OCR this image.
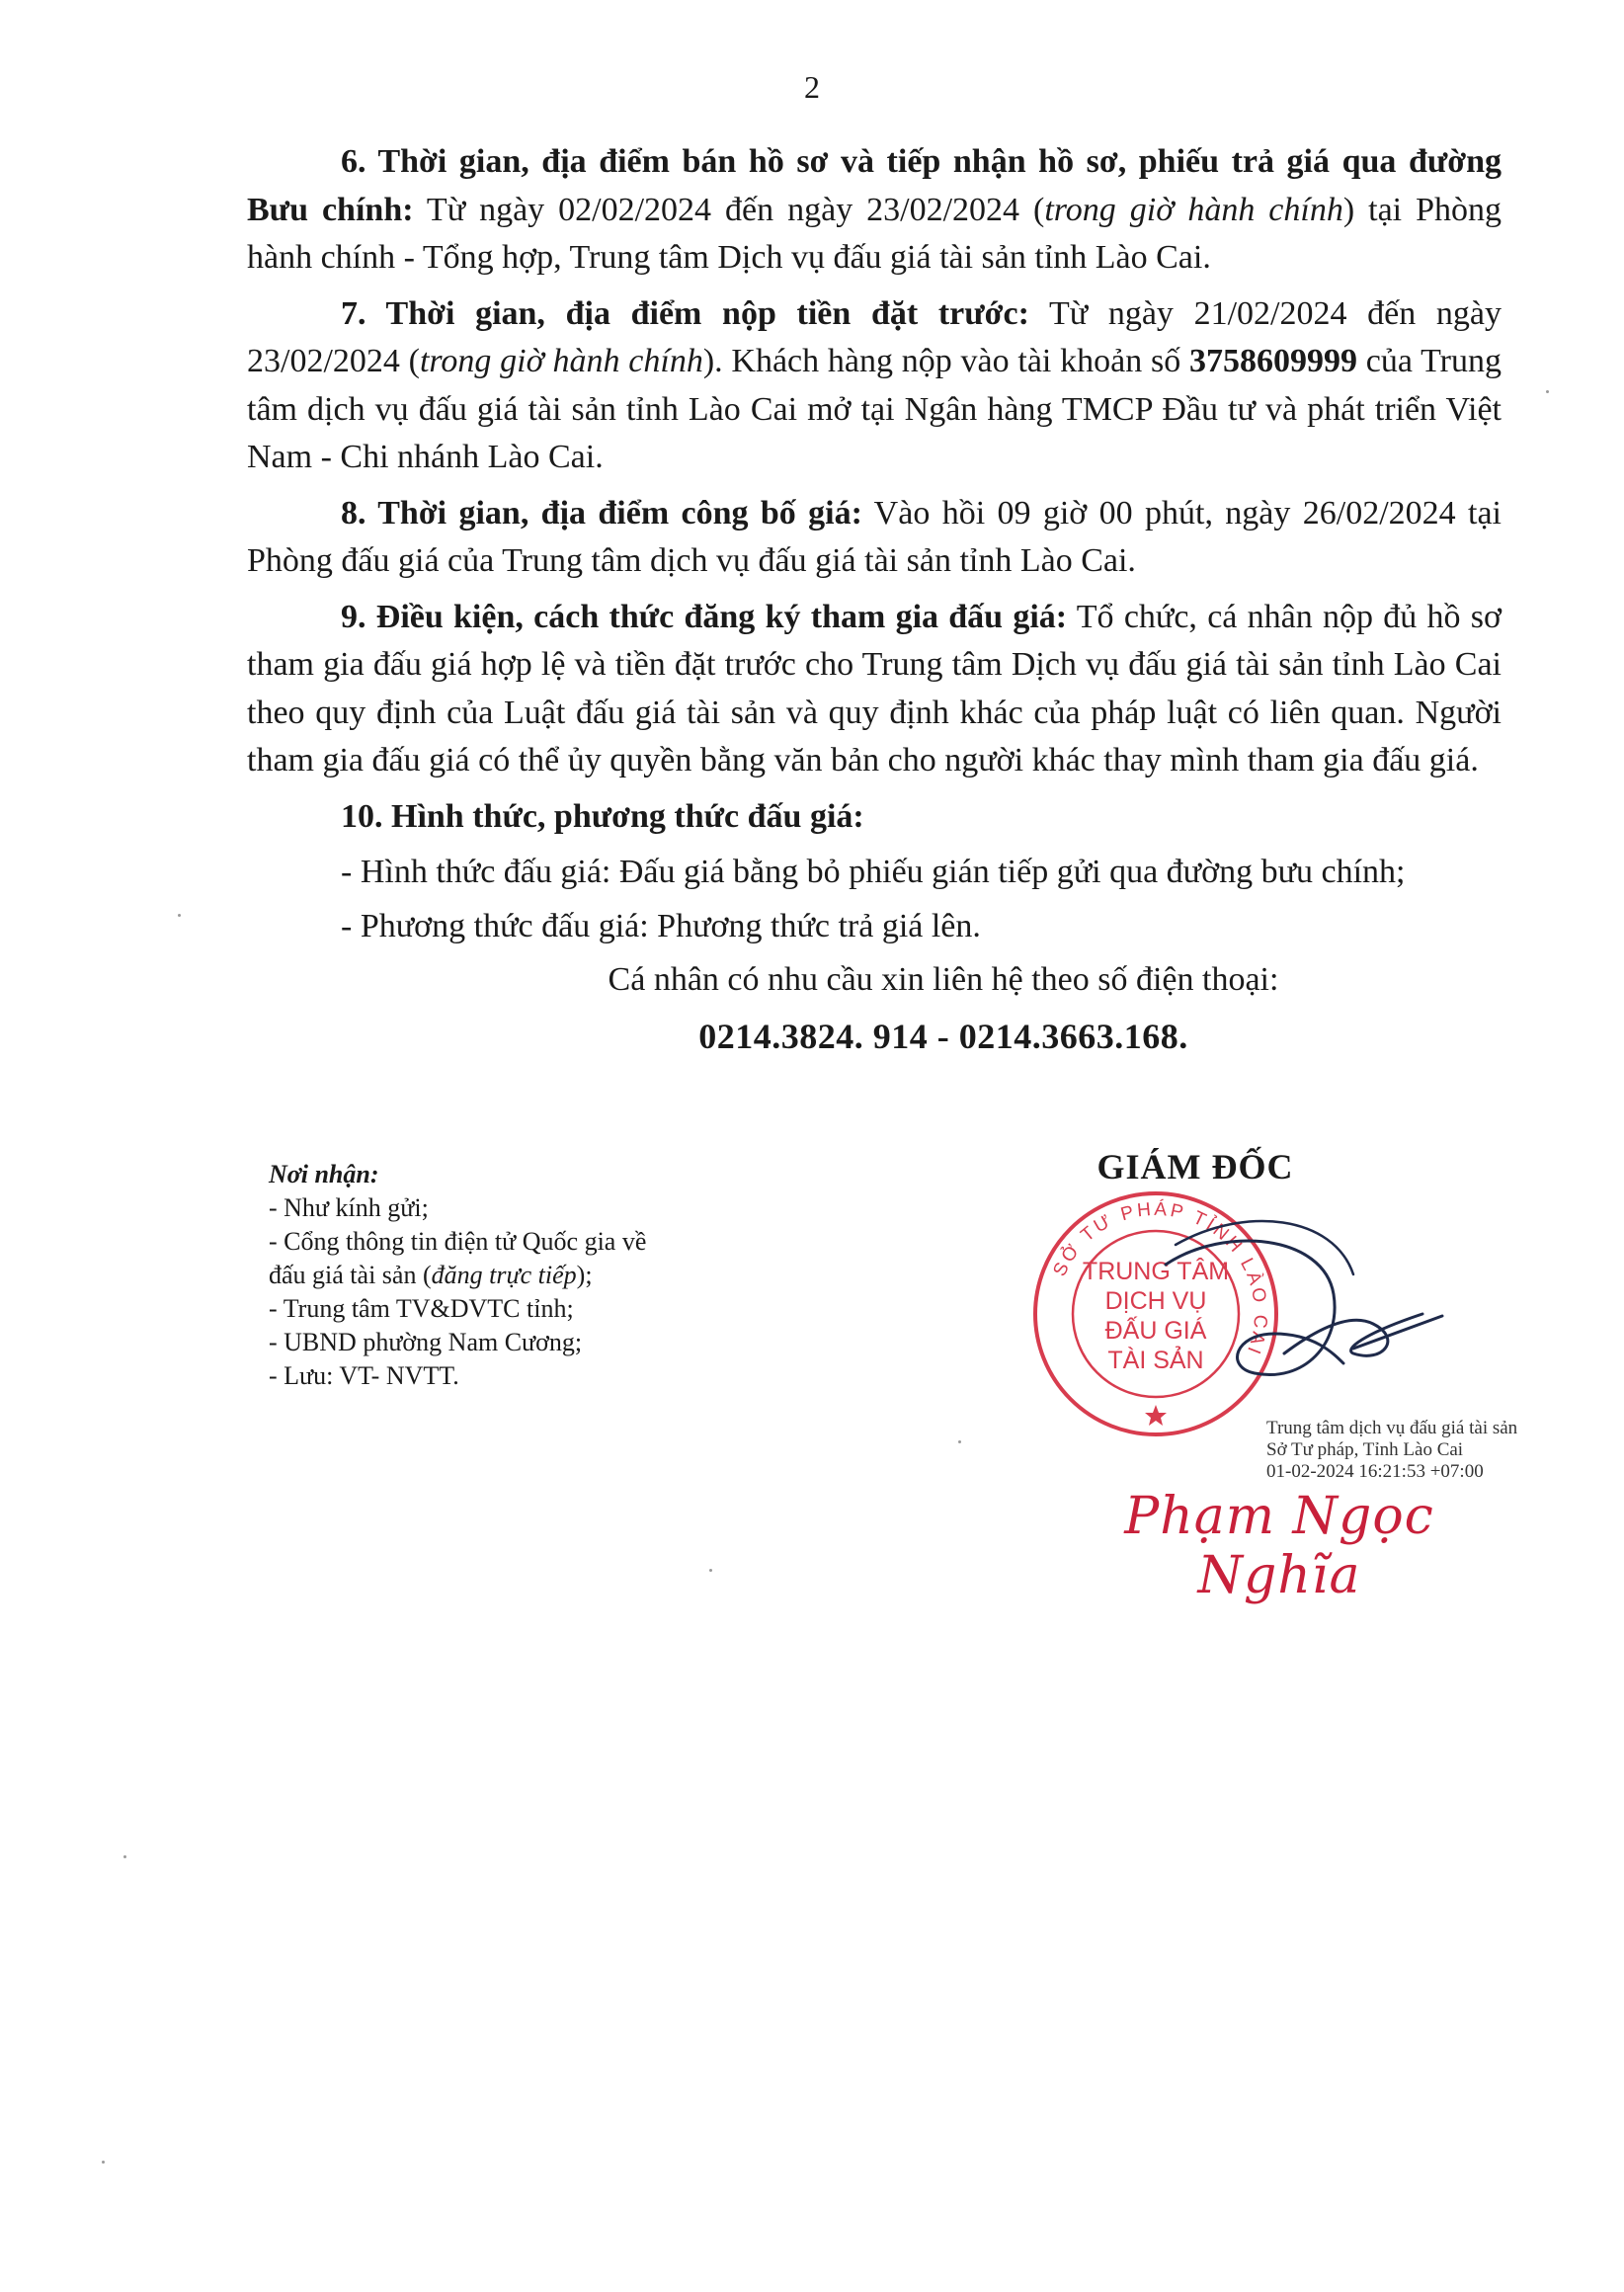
2

6. Thời gian, địa điểm bán hồ sơ và tiếp nhận hồ sơ, phiếu trả giá qua đường Bưu chính: Từ ngày 02/02/2024 đến ngày 23/02/2024 (trong giờ hành chính) tại Phòng hành chính - Tổng hợp, Trung tâm Dịch vụ đấu giá tài sản tỉnh Lào Cai.

7. Thời gian, địa điểm nộp tiền đặt trước: Từ ngày 21/02/2024 đến ngày 23/02/2024 (trong giờ hành chính). Khách hàng nộp vào tài khoản số 3758609999 của Trung tâm dịch vụ đấu giá tài sản tỉnh Lào Cai mở tại Ngân hàng TMCP Đầu tư và phát triển Việt Nam - Chi nhánh Lào Cai.

8. Thời gian, địa điểm công bố giá: Vào hồi 09 giờ 00 phút, ngày 26/02/2024 tại Phòng đấu giá của Trung tâm dịch vụ đấu giá tài sản tỉnh Lào Cai.

9. Điều kiện, cách thức đăng ký tham gia đấu giá: Tổ chức, cá nhân nộp đủ hồ sơ tham gia đấu giá hợp lệ và tiền đặt trước cho Trung tâm Dịch vụ đấu giá tài sản tỉnh Lào Cai theo quy định của Luật đấu giá tài sản và quy định khác của pháp luật có liên quan. Người tham gia đấu giá có thể ủy quyền bằng văn bản cho người khác thay mình tham gia đấu giá.

10. Hình thức, phương thức đấu giá:

- Hình thức đấu giá: Đấu giá bằng bỏ phiếu gián tiếp gửi qua đường bưu chính;

- Phương thức đấu giá: Phương thức trả giá lên.

Cá nhân có nhu cầu xin liên hệ theo số điện thoại:

0214.3824. 914 - 0214.3663.168.

Nơi nhận:
- Như kính gửi;
- Cổng thông tin điện tử Quốc gia về
đấu giá tài sản (đăng trực tiếp);
- Trung tâm TV&DVTC tỉnh;
- UBND phường Nam Cương;
- Lưu: VT- NVTT.
GIÁM ĐỐC
SỞ TƯ PHÁP TỈNH LÀO CAI
TRUNG TÂM
DỊCH VỤ
ĐẤU GIÁ
TÀI SẢN
Trung tâm dịch vụ đấu giá tài sản
Sở Tư pháp, Tỉnh Lào Cai
01-02-2024 16:21:53 +07:00
Phạm Ngọc Nghĩa
